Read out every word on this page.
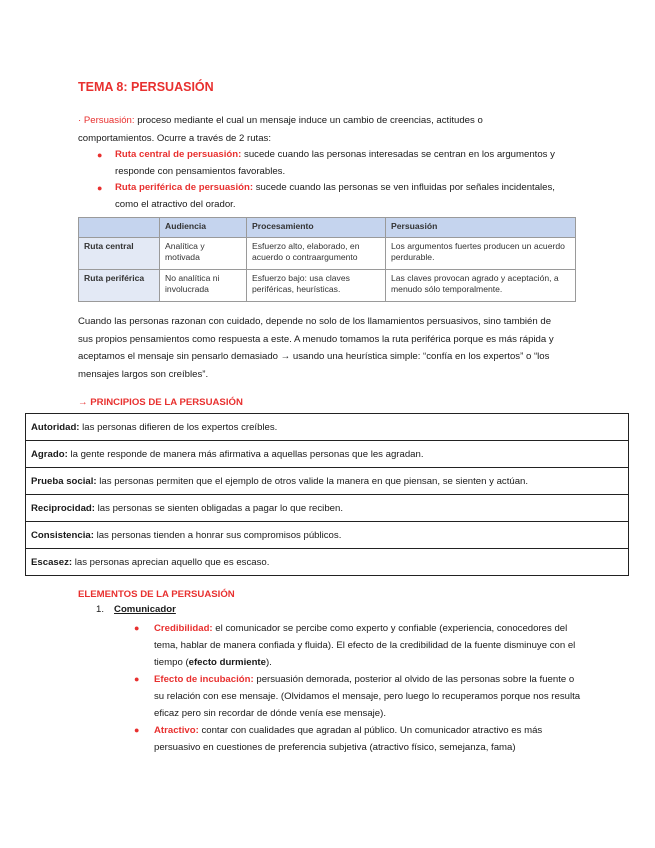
TEMA 8: PERSUASIÓN
· Persuasión: proceso mediante el cual un mensaje induce un cambio de creencias, actitudes o comportamientos. Ocurre a través de 2 rutas:
● Ruta central de persuasión: sucede cuando las personas interesadas se centran en los argumentos y responde con pensamientos favorables.
● Ruta periférica de persuasión: sucede cuando las personas se ven influidas por señales incidentales, como el atractivo del orador.
	Audiencia	Procesamiento	Persuasión
Ruta central	Analítica y motivada	Esfuerzo alto, elaborado, en acuerdo o contraargumento	Los argumentos fuertes producen un acuerdo perdurable.
Ruta periférica	No analítica ni involucrada	Esfuerzo bajo: usa claves periféricas, heurísticas.	Las claves provocan agrado y aceptación, a menudo sólo temporalmente.
Cuando las personas razonan con cuidado, depende no solo de los llamamientos persuasivos, sino también de sus propios pensamientos como respuesta a este. A menudo tomamos la ruta periférica porque es más rápida y aceptamos el mensaje sin pensarlo demasiado → usando una heurística simple: “confía en los expertos” o “los mensajes largos son creíbles”.
→ PRINCIPIOS DE LA PERSUASIÓN
Autoridad: las personas difieren de los expertos creíbles.
Agrado: la gente responde de manera más afirmativa a aquellas personas que les agradan.
Prueba social: las personas permiten que el ejemplo de otros valide la manera en que piensan, se sienten y actúan.
Reciprocidad: las personas se sienten obligadas a pagar lo que reciben.
Consistencia: las personas tienden a honrar sus compromisos públicos.
Escasez: las personas aprecian aquello que es escaso.
ELEMENTOS DE LA PERSUASIÓN
1. Comunicador
● Credibilidad: el comunicador se percibe como experto y confiable (experiencia, conocedores del tema, hablar de manera confiada y fluida). El efecto de la credibilidad de la fuente disminuye con el tiempo (efecto durmiente).
● Efecto de incubación: persuasión demorada, posterior al olvido de las personas sobre la fuente o su relación con ese mensaje. (Olvidamos el mensaje, pero luego lo recuperamos porque nos resulta eficaz pero sin recordar de dónde venía ese mensaje).
● Atractivo: contar con cualidades que agradan al público. Un comunicador atractivo es más persuasivo en cuestiones de preferencia subjetiva (atractivo físico, semejanza, fama)
